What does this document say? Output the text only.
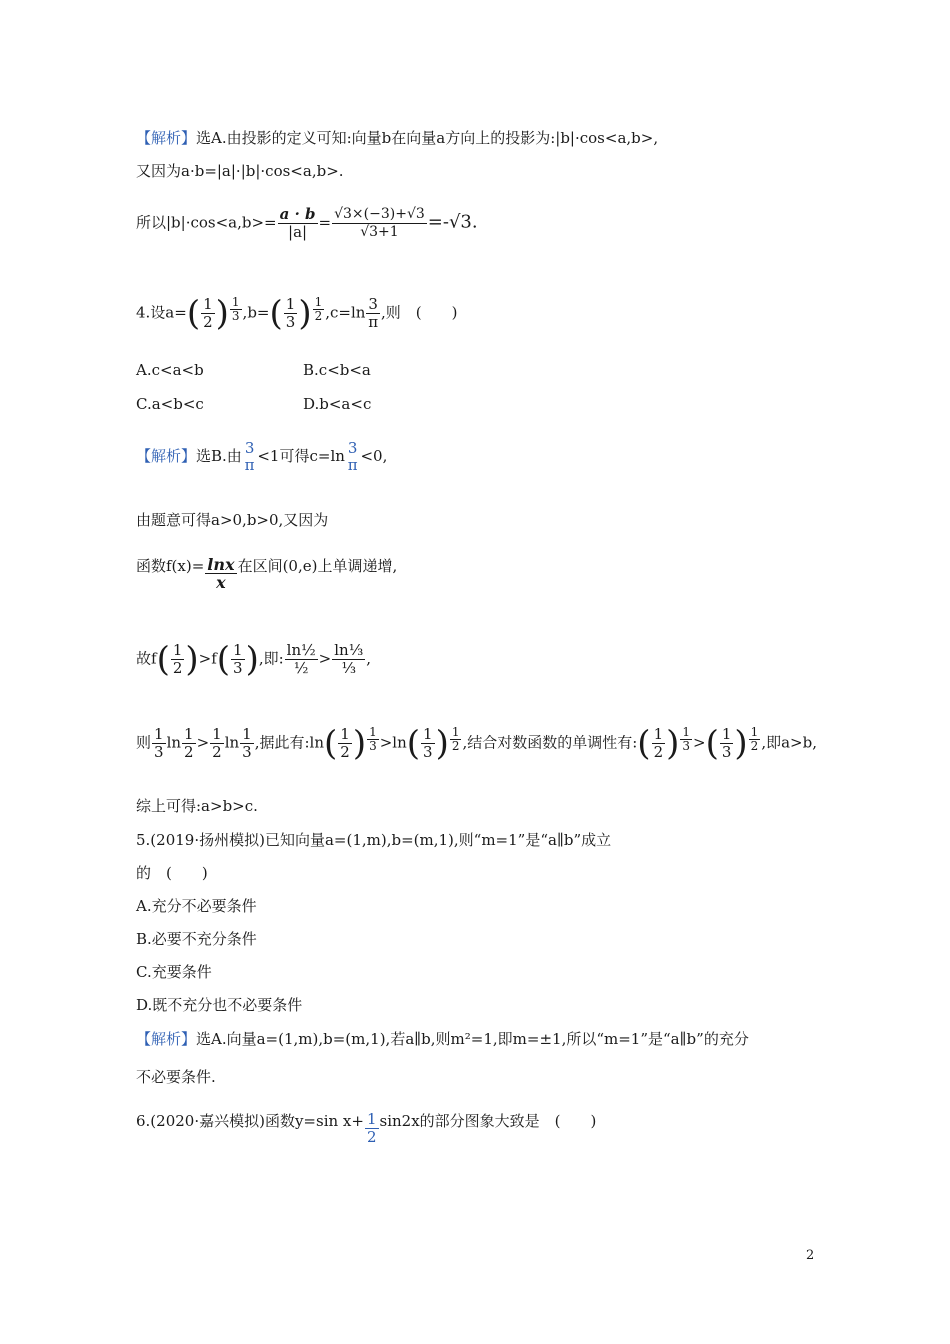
【解析】选A.由投影的定义可知:向量b在向量a方向上的投影为:|b|·cos<a,b>,
又因为a·b=|a|·|b|·cos<a,b>.
所以$|b|\cdot\cos<a,b>= \frac{a \cdot b}{|a|} = \frac{√3\times(-3)+√3}{√3+1} =-√3$.
4.设$a=( \frac{1}{2}$ ) $\frac{1}{3} ,b=( \frac{1}{3}$ ) $\frac{1}{2} ,c=\ln \frac{3}{\pi}$ ,则　(　　)
A.c<a<b	B.c<b<a
C.a<b<c	D.b<a<c
【解析】选B.由 3
π <1可得c=ln 3
π <0,
由题意可得a>0,b>0,又因为
函数$f(x)= \frac{\ln x}{x}$ 在区间(0,e)上单调递增,
故$f( \frac{1}{2} )>f( \frac{1}{3}$ ),即: $\frac{\text{ln½}}{\text{½}} > \frac{\text{ln⅓}}{\text{⅓}}$ ,
则 $\frac{1}{3}$ $\ln \frac{1}{2} > \frac{1}{2}$ $\ln \frac{1}{3}$ ,据此有:ln( $\frac{1}{2}$ ) $\frac{1}{3} >\ln( \frac{1}{3}$ ) $\frac{1}{2}$ ,结合对数函数的单调性有:( $\frac{1}{2}$ ) $\frac{1}{3}$ >( $\frac{1}{3}$ ) $\frac{1}{2}$ ,即a>b,
综上可得:a>b>c.
5.(2019·扬州模拟)已知向量a=(1,m),b=(m,1),则“m=1”是“a∥b”成立
的　(　　)
A.充分不必要条件
B.必要不充分条件
C.充要条件
D.既不充分也不必要条件
【解析】选A.向量a=(1,m),b=(m,1),若a∥b,则m²=1,即m=±1,所以“m=1”是“a∥b”的充分
不必要条件.
6.(2020·嘉兴模拟)函数y=sin $x+ \frac{1}{2} \sin 2x$的部分图象大致是　(　　)
2
